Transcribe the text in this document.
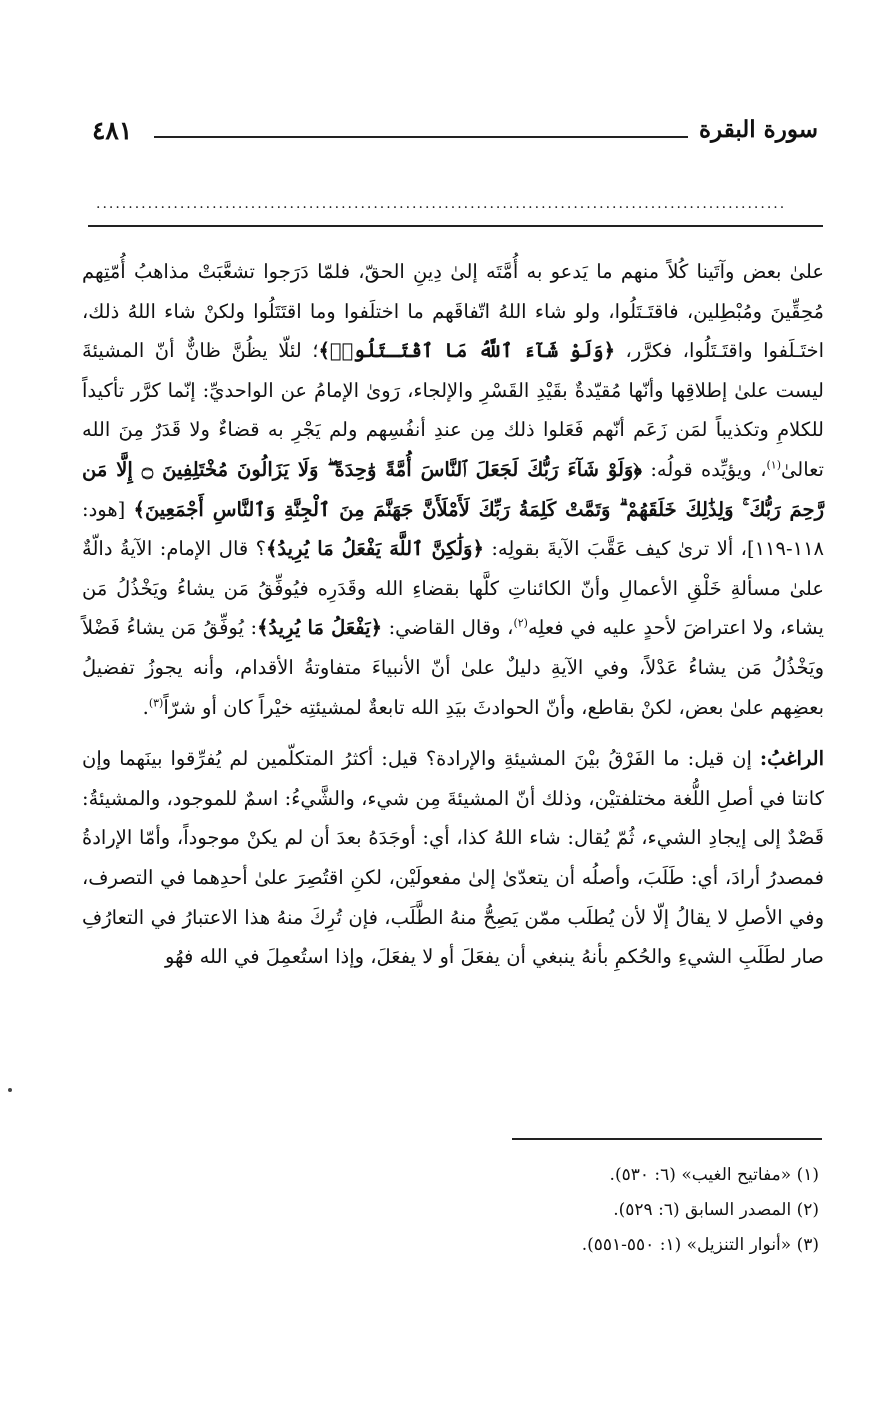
٤٨١	سورة البقرة
...........................................................................................................

علىٰ بعض وآتَينا كُلاً منهم ما يَدعو به أُمَّتَه إلىٰ دِينِ الحقّ، فلمّا دَرَجوا تشعَّبَتْ مذاهبُ أُمّتِهم مُحِقِّينَ ومُبْطِلين، فاقتَـتَلُوا، ولو شاء اللهُ اتّفاقَهم ما اختلَفوا وما اقتَتَلُوا ولكنْ شاء اللهُ ذلك، اختَـلَفوا واقتَـتَلُوا، فكرَّر، ﴿وَلَوْ شَآءَ ٱللَّهُ مَا ٱقْتَـتَلُوا۟﴾؛ لئلّا يظُنَّ ظانٌّ أنّ المشيئةَ ليست علىٰ إطلاقِها وأنّها مُقيّدةٌ بقَيْدِ القَسْرِ والإلجاء، رَوىٰ الإمامُ عن الواحديِّ: إنّما كرَّر تأكيداً للكلامِ وتكذيباً لمَن زَعَم أنّهم فَعَلوا ذلك مِن عندِ أنفُسِهم ولم يَجْرِ به قضاءٌ ولا قَدَرٌ مِنَ الله تعالىٰ$^{(١)}$، ويؤيِّده قولُه: ﴿وَلَوْ شَآءَ رَبُّكَ لَجَعَلَ ٱلنَّاسَ أُمَّةً وَٰحِدَةً ۖ وَلَا يَزَالُونَ مُخْتَلِفِينَ ۝ إِلَّا مَن رَّحِمَ رَبُّكَ ۚ وَلِذَٰلِكَ خَلَقَهُمْ ۗ وَتَمَّتْ كَلِمَةُ رَبِّكَ لَأَمْلَأَنَّ جَهَنَّمَ مِنَ ٱلْجِنَّةِ وَٱلنَّاسِ أَجْمَعِينَ﴾ [هود: ١١٨-١١٩]، ألا ترىٰ كيف عَقَّبَ الآيةَ بقولِه: ﴿وَلَٰكِنَّ ٱللَّهَ يَفْعَلُ مَا يُرِيدُ﴾؟ قال الإمام: الآيةُ دالّةٌ علىٰ مسألةِ خَلْقِ الأعمالِ وأنّ الكائناتِ كلَّها بقضاءِ الله وقَدَرِه فيُوفِّقُ مَن يشاءُ ويَخْذُلُ مَن يشاء، ولا اعتراضَ لأحدٍ عليه في فعلِه$^{(٢)}$، وقال القاضي: ﴿يَفْعَلُ مَا يُرِيدُ﴾: يُوفِّقُ مَن يشاءُ فَضْلاً ويَخْذُلُ مَن يشاءُ عَدْلاً، وفي الآيةِ دليلٌ علىٰ أنّ الأنبياءَ متفاوتةُ الأقدام، وأنه يجوزُ تفضيلُ بعضِهم علىٰ بعض، لكنْ بقاطع، وأنّ الحوادثَ بيَدِ الله تابعةٌ لمشيئتِه خيْراً كان أو شرّاً$^{(٣)}$.

الراغبُ: إن قيل: ما الفَرْقُ بيْنَ المشيئةِ والإرادة؟ قيل: أكثرُ المتكلّمين لم يُفرِّقوا بينَهما وإن كانتا في أصلِ اللُّغة مختلفتيْن، وذلك أنّ المشيئةَ مِن شيء، والشَّيءُ: اسمٌ للموجود، والمشيئةُ: قَصْدٌ إلى إيجادِ الشيء، ثُمّ يُقال: شاء اللهُ كذا، أي: أوجَدَهُ بعدَ أن لم يكنْ موجوداً، وأمّا الإرادةُ فمصدرُ أرادَ، أي: طَلَبَ، وأصلُه أن يتعدّىٰ إلىٰ مفعولَيْن، لكنِ اقتُصِرَ علىٰ أحدِهما في التصرف، وفي الأصلِ لا يقالُ إلّا لأن يُطلَب ممّن يَصِحُّ منهُ الطَّلَب، فإن تُرِكَ منهُ هذا الاعتبارُ في التعارُفِ صار لطَلَبِ الشيءِ والحُكمِ بأنهُ ينبغي أن يفعَلَ أو لا يفعَلَ، وإذا استُعمِلَ في الله فهُو

(١) «مفاتيح الغيب» (٦: ٥٣٠).
(٢) المصدر السابق (٦: ٥٢٩).
(٣) «أنوار التنزيل» (١: ٥٥٠-٥٥١).
